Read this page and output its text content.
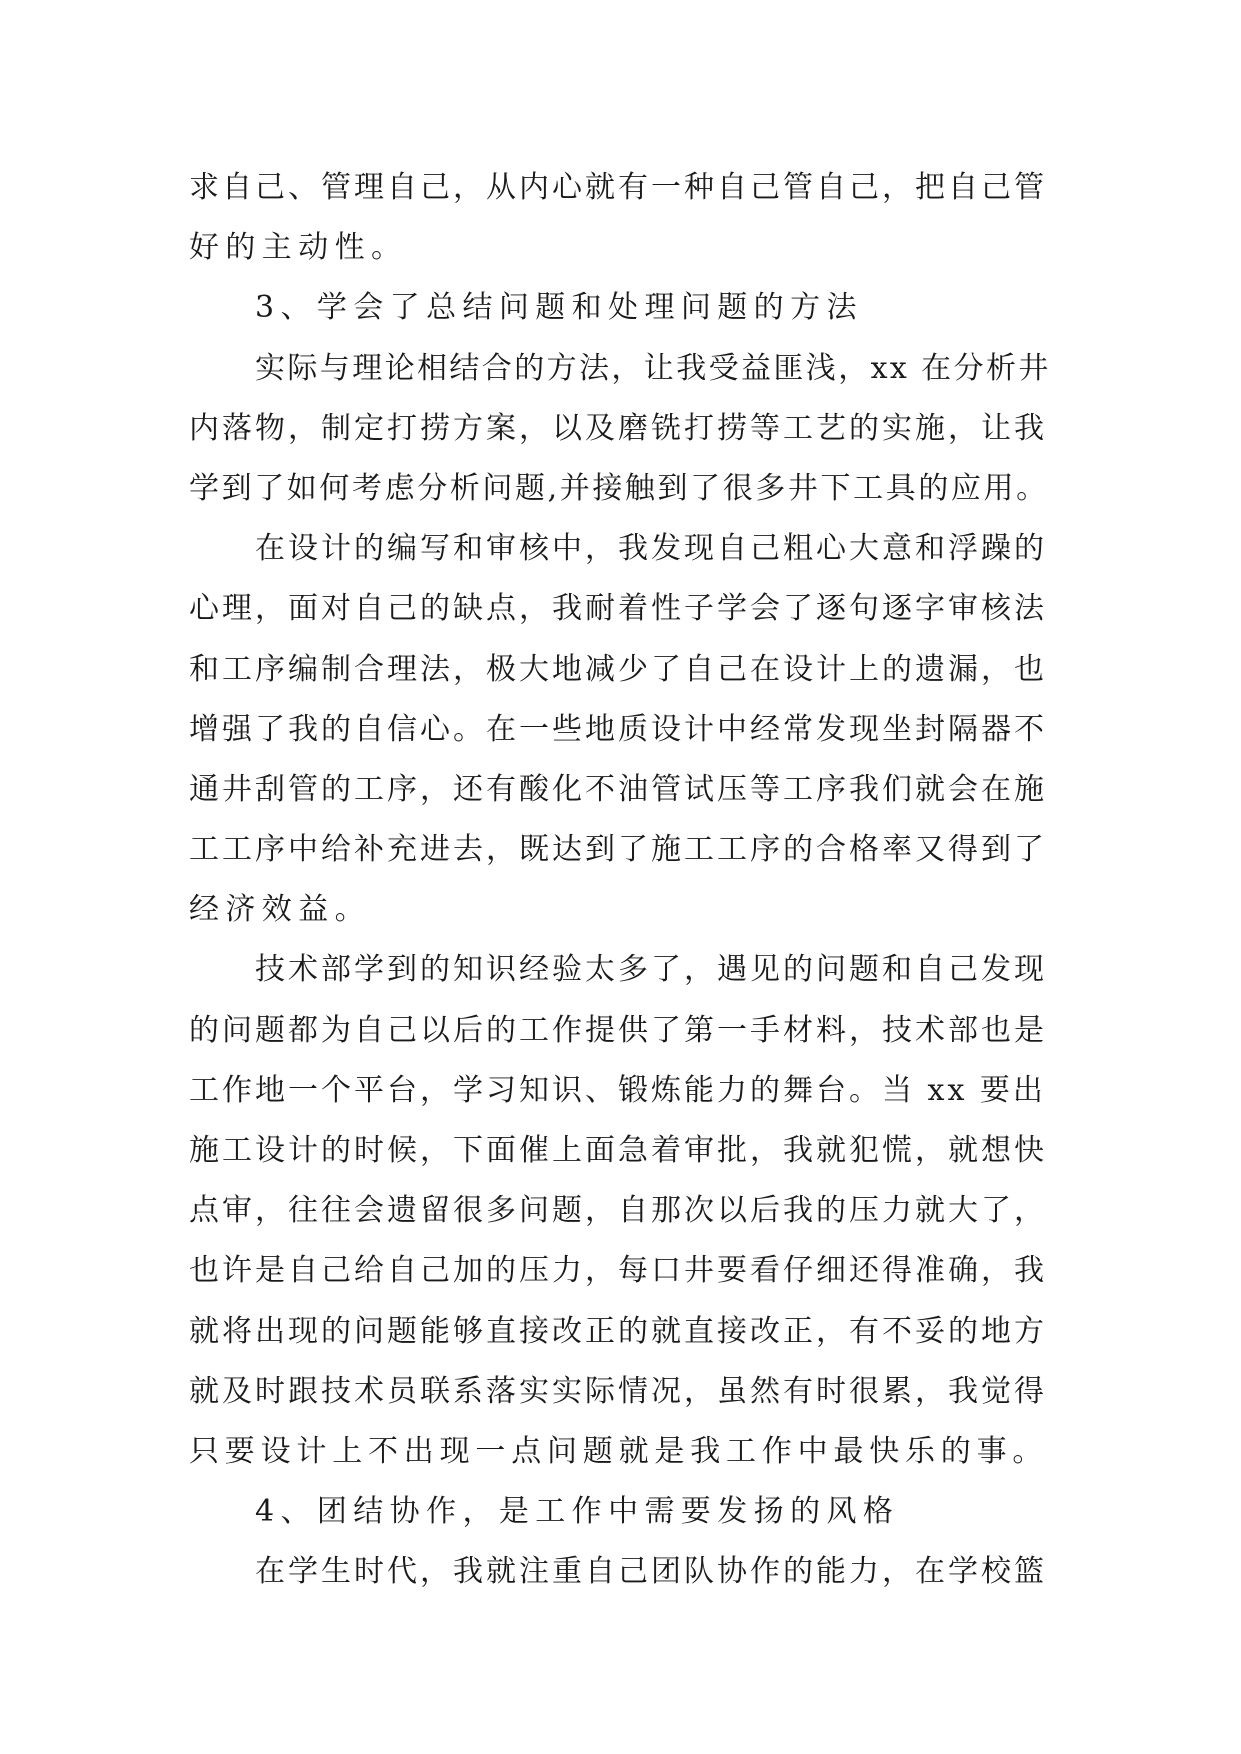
求自己、管理自己，从内心就有一种自己管自己，把自己管
好的主动性。
3、学会了总结问题和处理问题的方法
实际与理论相结合的方法，让我受益匪浅，xx 在分析井
内落物，制定打捞方案，以及磨铣打捞等工艺的实施，让我
学到了如何考虑分析问题,并接触到了很多井下工具的应用。
在设计的编写和审核中，我发现自己粗心大意和浮躁的
心理，面对自己的缺点，我耐着性子学会了逐句逐字审核法
和工序编制合理法，极大地减少了自己在设计上的遗漏，也
增强了我的自信心。在一些地质设计中经常发现坐封隔器不
通井刮管的工序，还有酸化不油管试压等工序我们就会在施
工工序中给补充进去，既达到了施工工序的合格率又得到了
经济效益。
技术部学到的知识经验太多了，遇见的问题和自己发现
的问题都为自己以后的工作提供了第一手材料，技术部也是
工作地一个平台，学习知识、锻炼能力的舞台。当 xx 要出
施工设计的时候，下面催上面急着审批，我就犯慌，就想快
点审，往往会遗留很多问题，自那次以后我的压力就大了，
也许是自己给自己加的压力，每口井要看仔细还得准确，我
就将出现的问题能够直接改正的就直接改正，有不妥的地方
就及时跟技术员联系落实实际情况，虽然有时很累，我觉得
只要设计上不出现一点问题就是我工作中最快乐的事。
4、团结协作，是工作中需要发扬的风格
在学生时代，我就注重自己团队协作的能力，在学校篮
